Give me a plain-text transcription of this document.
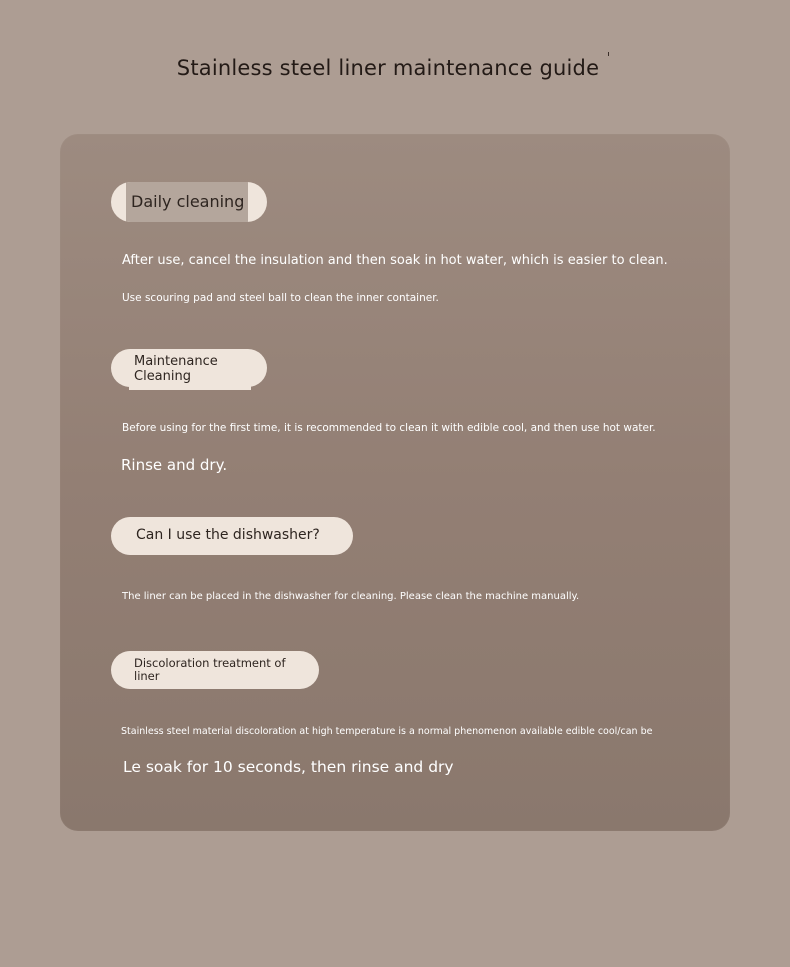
Stainless steel liner maintenance guide
Daily cleaning
After use, cancel the insulation and then soak in hot water, which is easier to clean.
Use scouring pad and steel ball to clean the inner container.
Maintenance Cleaning
Before using for the first time, it is recommended to clean it with edible cool, and then use hot water.
Rinse and dry.
Can I use the dishwasher?
The liner can be placed in the dishwasher for cleaning. Please clean the machine manually.
Discoloration treatment of liner
Stainless steel material discoloration at high temperature is a normal phenomenon available edible cool/can be
Le soak for 10 seconds, then rinse and dry
